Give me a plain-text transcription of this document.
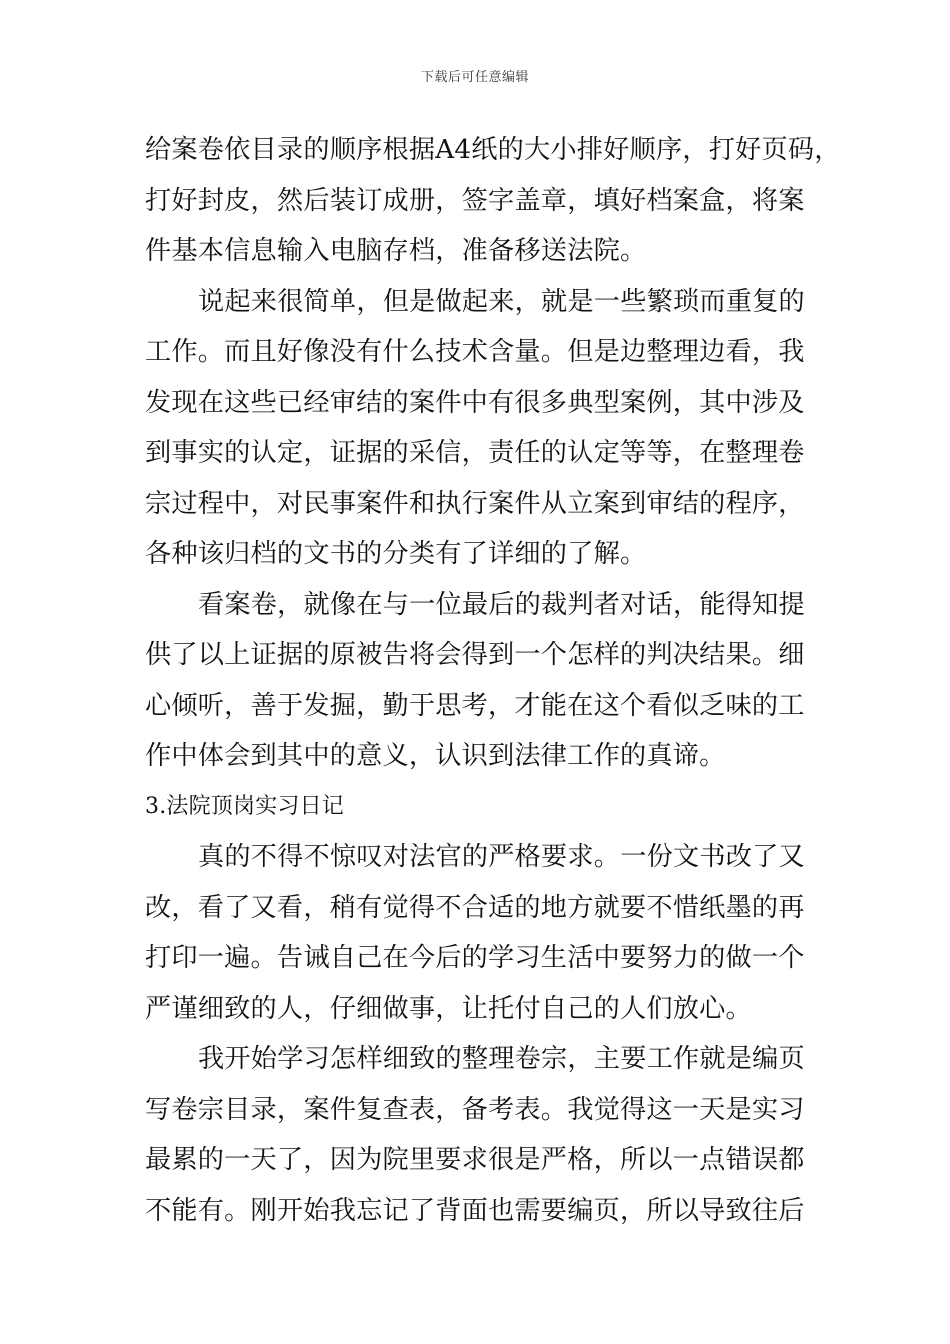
下载后可任意编辑
给案卷依目录的顺序根据A4纸的大小排好顺序，打好页码，
打好封皮，然后装订成册，签字盖章，填好档案盒，将案
件基本信息输入电脑存档，准备移送法院。
说起来很简单，但是做起来，就是一些繁琐而重复的
工作。而且好像没有什么技术含量。但是边整理边看，我
发现在这些已经审结的案件中有很多典型案例，其中涉及
到事实的认定，证据的采信，责任的认定等等，在整理卷
宗过程中，对民事案件和执行案件从立案到审结的程序，
各种该归档的文书的分类有了详细的了解。
看案卷，就像在与一位最后的裁判者对话，能得知提
供了以上证据的原被告将会得到一个怎样的判决结果。细
心倾听，善于发掘，勤于思考，才能在这个看似乏味的工
作中体会到其中的意义，认识到法律工作的真谛。
3.法院顶岗实习日记
真的不得不惊叹对法官的严格要求。一份文书改了又
改，看了又看，稍有觉得不合适的地方就要不惜纸墨的再
打印一遍。告诫自己在今后的学习生活中要努力的做一个
严谨细致的人，仔细做事，让托付自己的人们放心。
我开始学习怎样细致的整理卷宗，主要工作就是编页
写卷宗目录，案件复查表，备考表。我觉得这一天是实习
最累的一天了，因为院里要求很是严格，所以一点错误都
不能有。刚开始我忘记了背面也需要编页，所以导致往后
